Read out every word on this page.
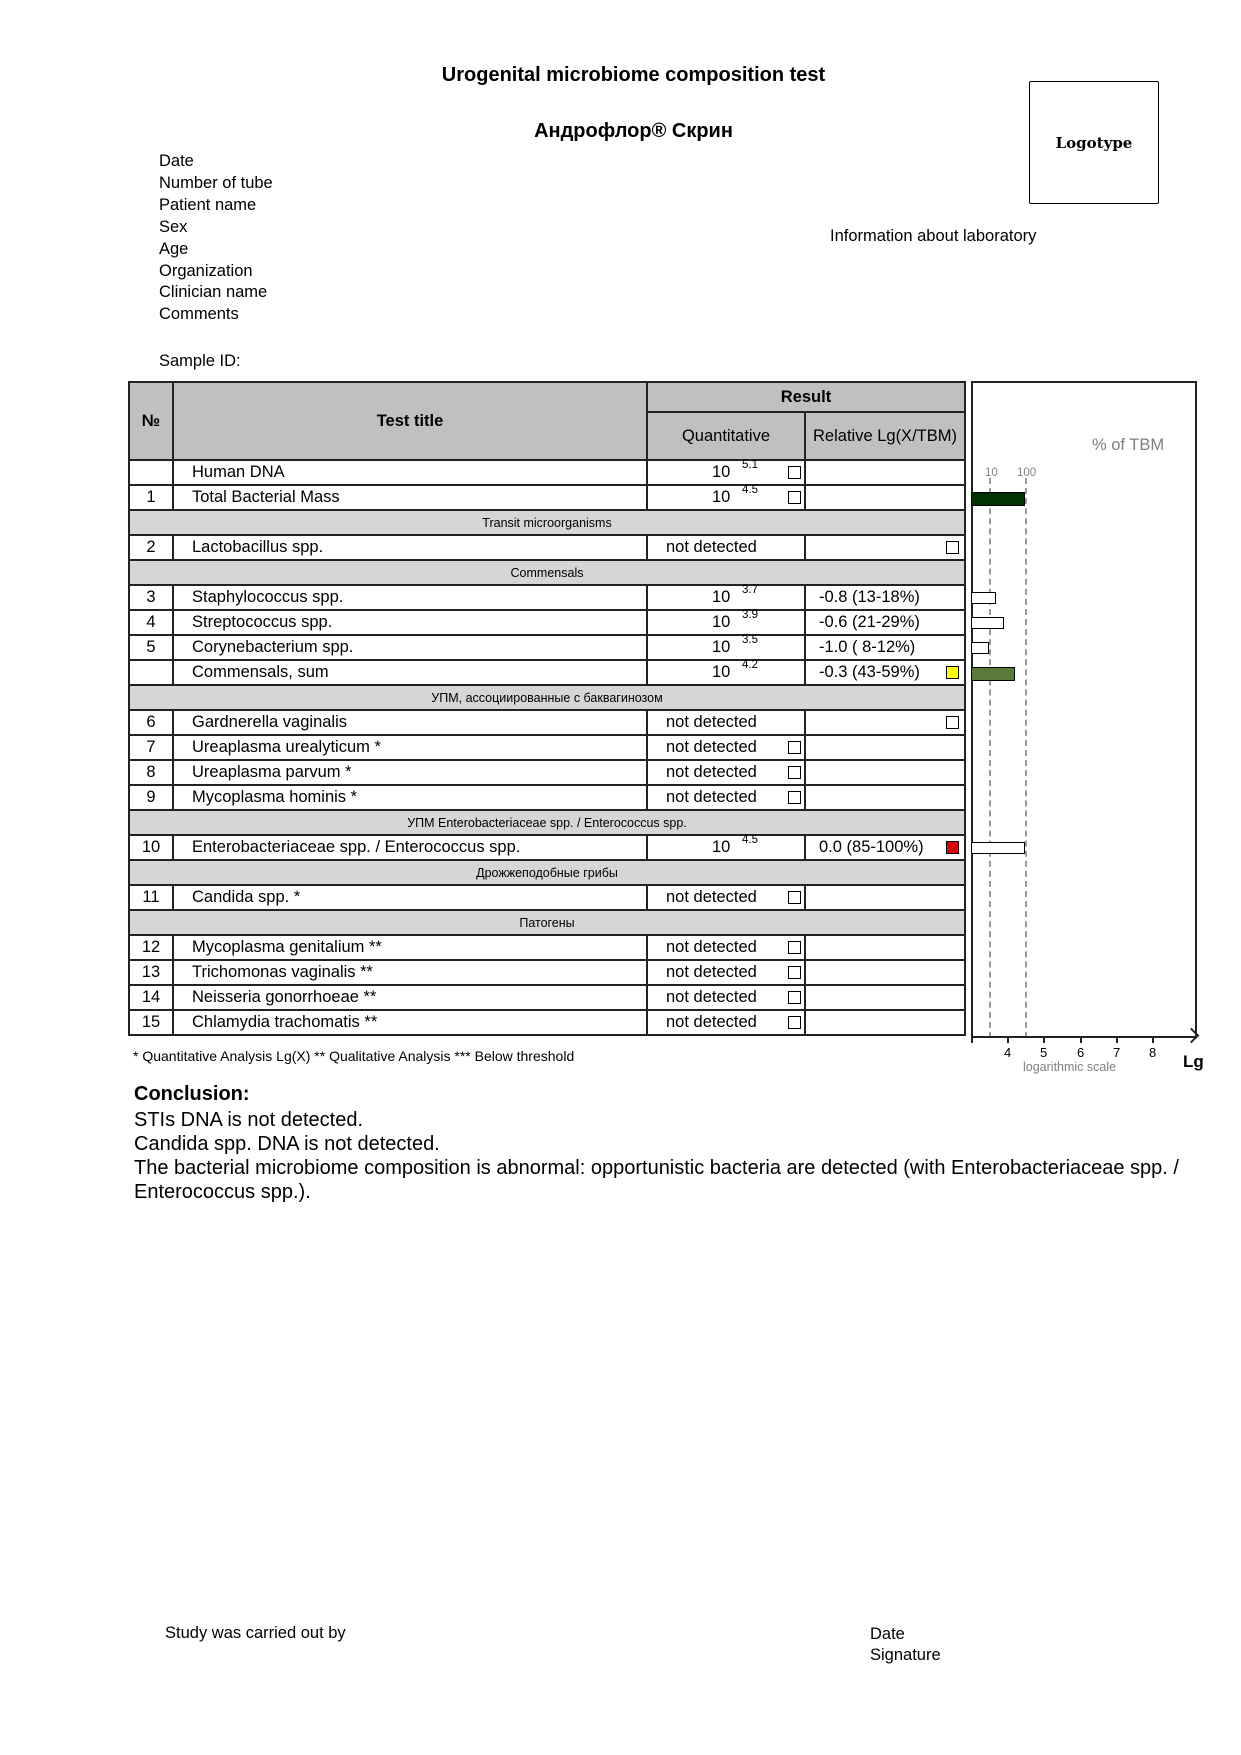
Urogenital microbiome composition test
Андрофлор® Скрин
Logotype
Date
Number of tube
Patient name
Sex
Age
Organization
Clinician name
Comments
Information about laboratory
Sample ID:
№	Test title	Result	
		Quantitative	Relative Lg(X/TBM)
	Human DNA	10 5.1	

1	Total Bacterial Mass	10 4.5	

Transit microorganisms			
2	Lactobacillus spp.	not detected	

Commensals			
3	Staphylococcus spp.	10 3.7	-0.8 (13-18%)

4	Streptococcus spp.	10 3.9	-0.6 (21-29%)

5	Corynebacterium spp.	10 3.5	-1.0 ( 8-12%)

	Commensals, sum	10 4.2	-0.3 (43-59%)

УПМ, ассоциированные с баквагинозом			
6	Gardnerella vaginalis	not detected	

7	Ureaplasma urealyticum *	not detected	

8	Ureaplasma parvum *	not detected	

9	Mycoplasma hominis *	not detected	

УПМ Enterobacteriaceae spp. / Enterococcus spp.			
10	Enterobacteriaceae spp. / Enterococcus spp.	10 4.5	0.0 (85-100%)

Дрожжеподобные грибы			
11	Candida spp. *	not detected	

Патогены			
12	Mycoplasma genitalium **	not detected	

13	Trichomonas vaginalis **	not detected	

14	Neisseria gonorrhoeae **	not detected	

15	Chlamydia trachomatis **	not detected	

% of TBM
10 100
4 5 6 7 8
logarithmic scale	Lg
* Quantitative Analysis Lg(X) ** Qualitative Analysis *** Below threshold
Conclusion:
STIs DNA is not detected.
Candida spp. DNA is not detected.
The bacterial microbiome composition is abnormal: opportunistic bacteria are detected (with Enterobacteriaceae spp. / Enterococcus spp.).
Study was carried out by	Date
Signature
